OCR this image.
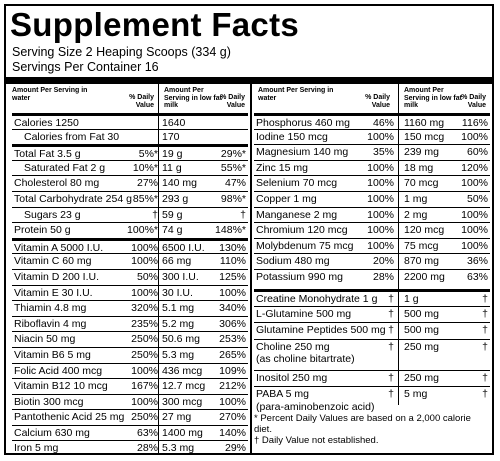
Supplement Facts
Serving Size 2 Heaping Scoops (334 g)
Servings Per Container 16
Amount Per Serving in water	% Daily Value
Amount Per Serving in low fat milk
% Daily Value
Amount Per Serving in water	% Daily Value
Amount Per Serving in low fat milk
% Daily Value
Calories 1250	1640
Calories from Fat 30	170
Total Fat 3.5 g	5%* 19 g	29%*
Saturated Fat 2 g	10%* 11 g	55%*
Cholesterol 80 mg	27% 140 mg	47%
Total Carbohydrate 254 g 85%* 293 g	98%*
Sugars 23 g	† 59 g	†
Protein 50 g	100%* 74 g	148%*
Vitamin A 5000 I.U.	100% 6500 I.U.	130%
Vitamin C 60 mg	100% 66 mg	110%
Vitamin D 200 I.U.	50% 300 I.U.	125%
Vitamin E 30 I.U.	100% 30 I.U.	100%
Thiamin 4.8 mg	320% 5.1 mg	340%
Riboflavin 4 mg	235% 5.2 mg	306%
Niacin 50 mg	250% 50.6 mg	253%
Vitamin B6 5 mg	250% 5.3 mg	265%
Folic Acid 400 mcg	100% 436 mcg	109%
Vitamin B12 10 mcg	167% 12.7 mcg	212%
Biotin 300 mcg	100% 300 mcg	100%
Pantothenic Acid 25 mg 250% 27 mg	270%
Calcium 630 mg	63% 1400 mg	140%
Iron 5 mg	28% 5.3 mg	29%
Phosphorus 460 mg	46% 1160 mg	116%
Iodine 150 mcg	100% 150 mcg	100%
Magnesium 140 mg	35% 239 mg	60%
Zinc 15 mg	100% 18 mg	120%
Selenium 70 mcg	100% 70 mcg	100%
Copper 1 mg	100% 1 mg	50%
Manganese 2 mg	100% 2 mg	100%
Chromium 120 mcg	100% 120 mcg	100%
Molybdenum 75 mcg	100% 75 mcg	100%
Sodium 480 mg	20% 870 mg	36%
Potassium 990 mg	28% 2200 mg	63%
Creatine Monohydrate 1 g	† 1 g	†
L-Glutamine 500 mg	† 500 mg	†
Glutamine Peptides 500 mg † 500 mg	†
Choline 250 mg	† 250 mg	†
(as choline bitartrate)
Inositol 250 mg	† 250 mg	†
PABA 5 mg	† 5 mg	†
(para-aminobenzoic acid)
* Percent Daily Values are based on a 2,000 calorie diet.
† Daily Value not established.
